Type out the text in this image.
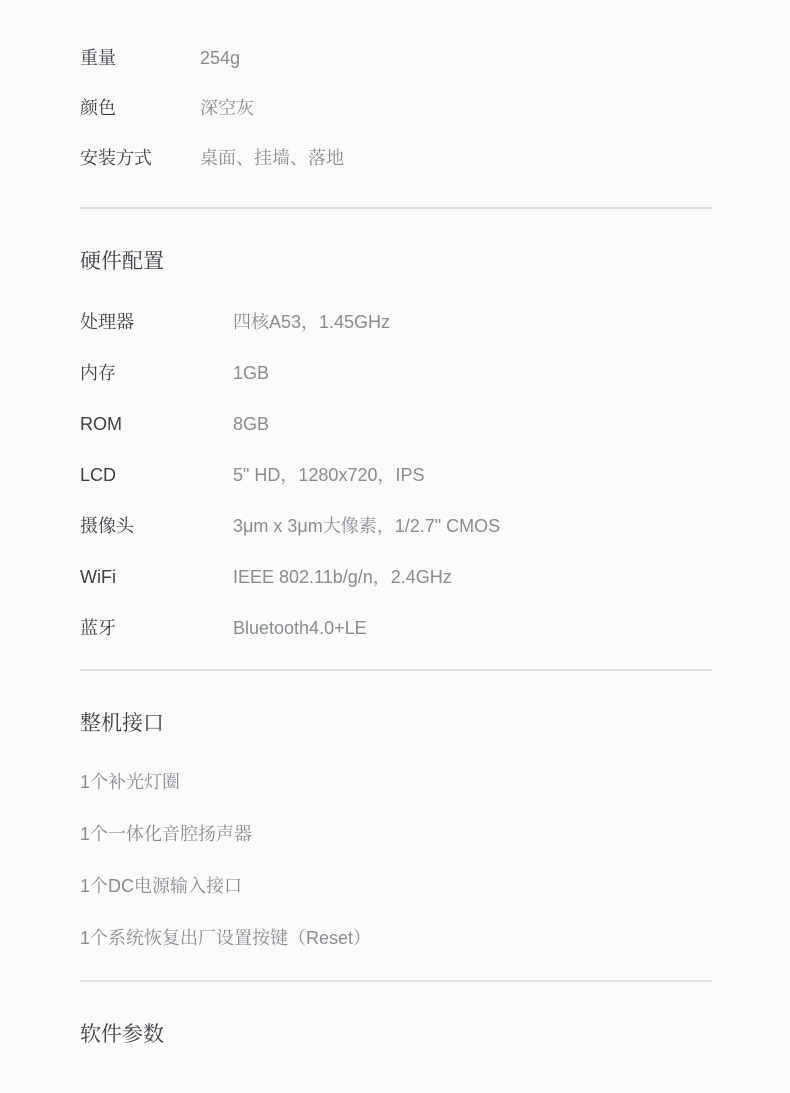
重量	254g
颜色	深空灰
安装方式	桌面、挂墙、落地
硬件配置
处理器	四核A53，1.45GHz
内存	1GB
ROM	8GB
LCD	5" HD，1280x720，IPS
摄像头	3μm x 3μm大像素，1/2.7" CMOS
WiFi	IEEE 802.11b/g/n，2.4GHz
蓝牙	Bluetooth4.0+LE
整机接口
1个补光灯圈
1个一体化音腔扬声器
1个DC电源输入接口
1个系统恢复出厂设置按键（Reset）
软件参数
